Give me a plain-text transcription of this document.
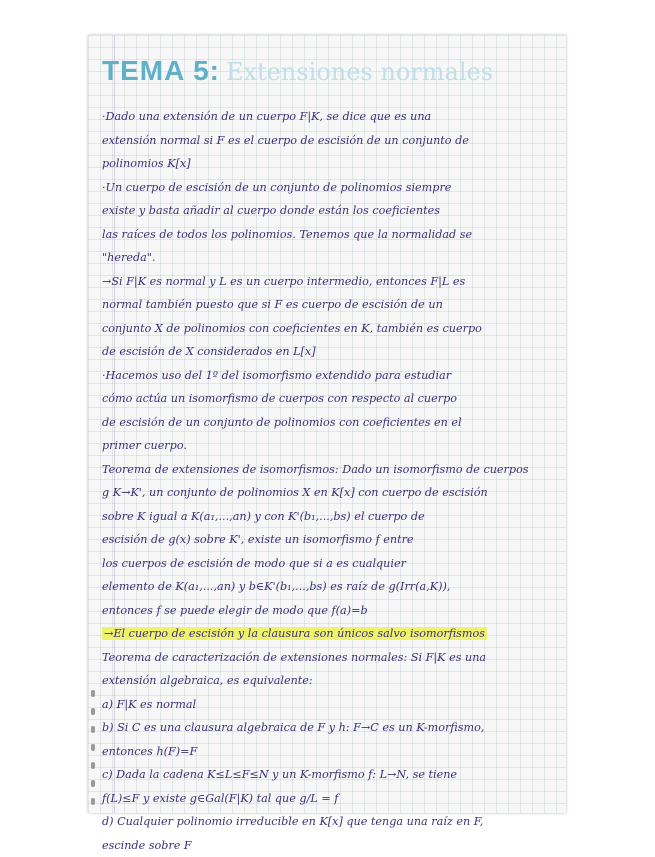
TEMA 5: Extensiones normales
·Dado una extensión de un cuerpo F|K, se dice que es una
extensión normal si F es el cuerpo de escisión de un conjunto de
polinomios K[x]
·Un cuerpo de escisión de un conjunto de polinomios siempre
existe y basta añadir al cuerpo donde están los coeficientes
las raíces de todos los polinomios. Tenemos que la normalidad se
"hereda".
→Si F|K es normal y L es un cuerpo intermedio, entonces F|L es
normal también puesto que si F es cuerpo de escisión de un
conjunto X de polinomios con coeficientes en K, también es cuerpo
de escisión de X considerados en L[x]
·Hacemos uso del 1º del isomorfismo extendido para estudiar
cómo actúa un isomorfismo de cuerpos con respecto al cuerpo
de escisión de un conjunto de polinomios con coeficientes en el
primer cuerpo.
Teorema de extensiones de isomorfismos: Dado un isomorfismo de cuerpos
g K→K', un conjunto de polinomios X en K[x] con cuerpo de escisión
sobre K igual a K(a₁,...,an) y con K'(b₁,...,bs) el cuerpo de
escisión de g(x) sobre K', existe un isomorfismo f entre
los cuerpos de escisión de modo que si a es cualquier
elemento de K(a₁,...,an) y b∈K'(b₁,...,bs) es raíz de g(Irr(a,K)),
entonces f se puede elegir de modo que f(a)=b
→El cuerpo de escisión y la clausura son únicos salvo isomorfismos
Teorema de caracterización de extensiones normales: Si F|K es una
extensión algebraica, es equivalente:
a) F|K es normal
b) Si C es una clausura algebraica de F y h: F→C es un K-morfismo,
entonces h(F)=F
c) Dada la cadena K≤L≤F≤N y un K-morfismo f: L→N, se tiene
f(L)≤F y existe g∈Gal(F|K) tal que g/L = f
d) Cualquier polinomio irreducible en K[x] que tenga una raíz en F,
escinde sobre F
